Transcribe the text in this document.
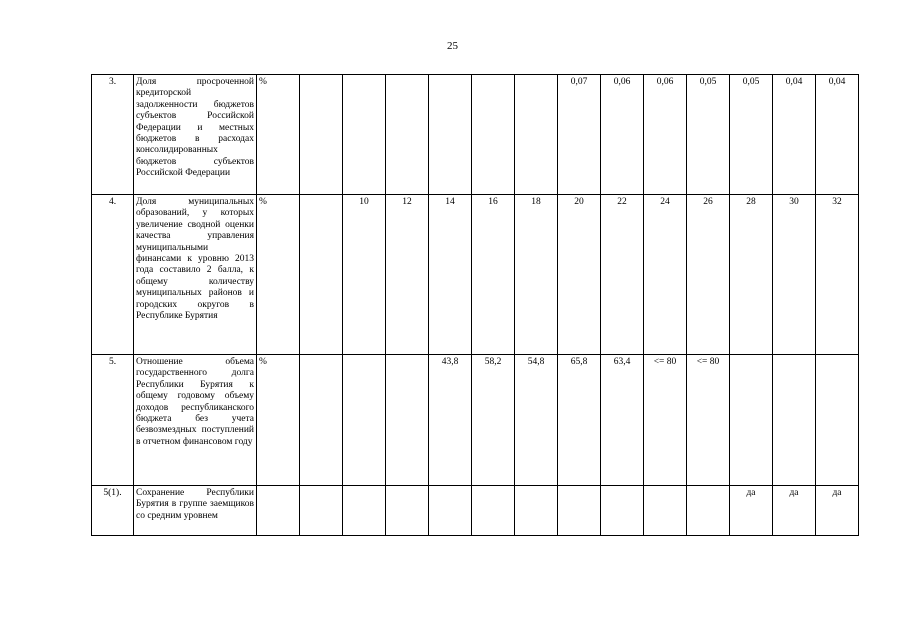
25
3.	Доля просроченной кредиторской задолженности бюджетов субъектов Российской Федерации и местных бюджетов в расходах консолидированных бюджетов субъектов Российской Федерации	%							0,07	0,06	0,06	0,05	0,05	0,04	0,04
4.	Доля муниципальных образований, у которых увеличение сводной оценки качества управления муниципальными финансами к уровню 2013 года составило 2 балла, к общему количеству муниципальных районов и городских округов в Республике Бурятия	%		10	12	14	16	18	20	22	24	26	28	30	32
5.	Отношение объема государственного долга Республики Бурятия к общему годовому объему доходов республиканского бюджета без учета безвозмездных поступлений в отчетном финансовом году	%				43,8	58,2	54,8	65,8	63,4	<= 80	<= 80			
5(1).	Сохранение Республики Бурятия в группе заемщиков со средним уровнем												да	да	да
